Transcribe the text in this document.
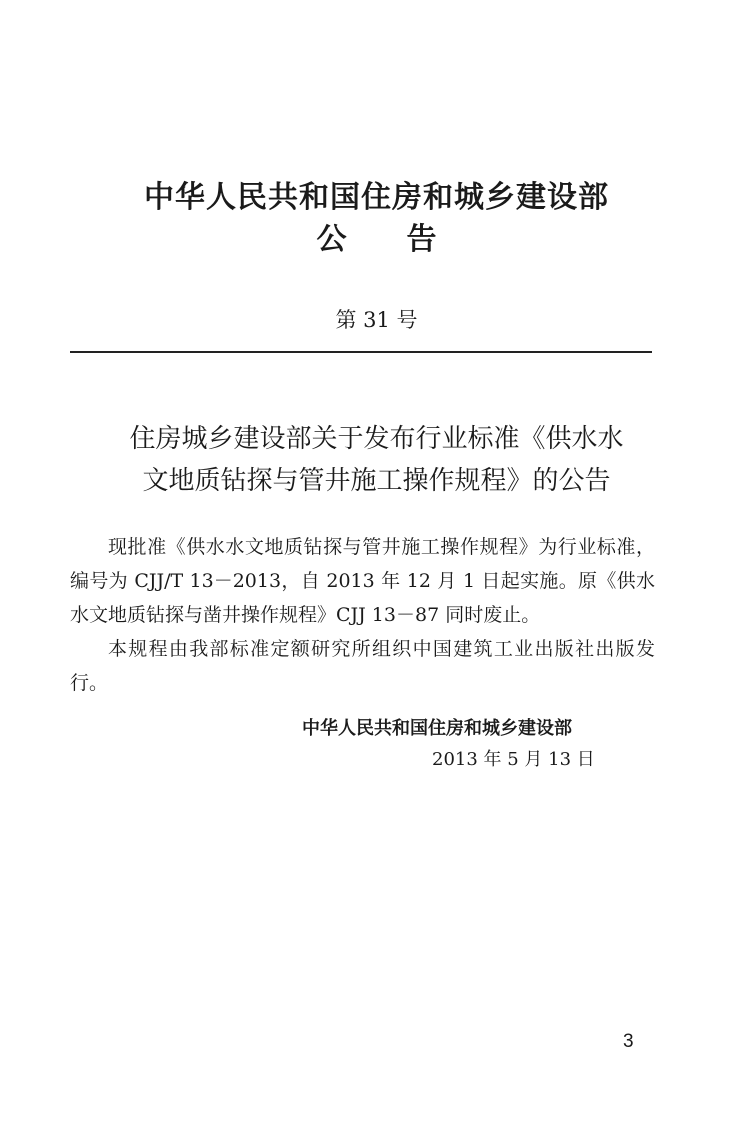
中华人民共和国住房和城乡建设部
公 告
第 31 号
住房城乡建设部关于发布行业标准《供水水
文地质钻探与管井施工操作规程》的公告

现批准《供水水文地质钻探与管井施工操作规程》为行业标准，编号为 CJJ/T 13－2013，自 2013 年 12 月 1 日起实施。原《供水水文地质钻探与凿井操作规程》CJJ 13－87 同时废止。

本规程由我部标准定额研究所组织中国建筑工业出版社出版发行。

中华人民共和国住房和城乡建设部
2013 年 5 月 13 日
3
